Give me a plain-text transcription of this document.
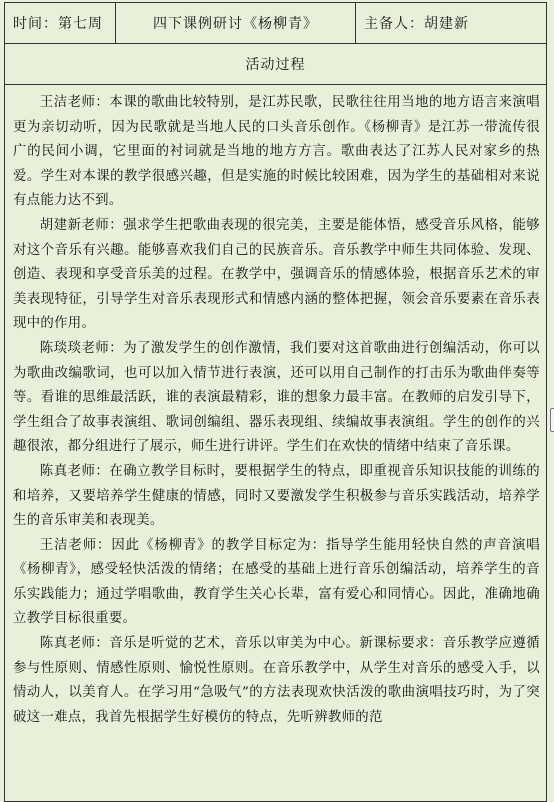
时间：第七周	四下课例研讨《杨柳青》	主备人：胡建新
活动过程

王洁老师：本课的歌曲比较特别，是江苏民歌，民歌往往用当地的地方语言来演唱更为亲切动听，因为民歌就是当地人民的口头音乐创作。《杨柳青》是江苏一带流传很广的民间小调，它里面的衬词就是当地的地方方言。歌曲表达了江苏人民对家乡的热爱。学生对本课的教学很感兴趣，但是实施的时候比较困难，因为学生的基础相对来说有点能力达不到。

胡建新老师：强求学生把歌曲表现的很完美，主要是能体悟，感受音乐风格，能够对这个音乐有兴趣。能够喜欢我们自己的民族音乐。音乐教学中师生共同体验、发现、创造、表现和享受音乐美的过程。在教学中，强调音乐的情感体验，根据音乐艺术的审美表现特征，引导学生对音乐表现形式和情感内涵的整体把握，领会音乐要素在音乐表现中的作用。

陈琰琰老师：为了激发学生的创作激情，我们要对这首歌曲进行创编活动，你可以为歌曲改编歌词，也可以加入情节进行表演，还可以用自己制作的打击乐为歌曲伴奏等等。看谁的思维最活跃，谁的表演最精彩，谁的想象力最丰富。在教师的启发引导下，学生组合了故事表演组、歌词创编组、器乐表现组、续编故事表演组。学生的创作的兴趣很浓，都分组进行了展示，师生进行讲评。学生们在欢快的情绪中结束了音乐课。

陈真老师：在确立教学目标时，要根据学生的特点，即重视音乐知识技能的训练的和培养，又要培养学生健康的情感，同时又要激发学生积极参与音乐实践活动，培养学生的音乐审美和表现美。

王洁老师：因此《杨柳青》的教学目标定为：指导学生能用轻快自然的声音演唱《杨柳青》，感受轻快活泼的情绪；在感受的基础上进行音乐创编活动，培养学生的音乐实践能力；通过学唱歌曲，教育学生关心长辈，富有爱心和同情心。因此，准确地确立教学目标很重要。

陈真老师：音乐是听觉的艺术，音乐以审美为中心。新课标要求：音乐教学应遵循参与性原则、情感性原则、愉悦性原则。在音乐教学中，从学生对音乐的感受入手，以情动人，以美育人。在学习用“急吸气”的方法表现欢快活泼的歌曲演唱技巧时，为了突破这一难点，我首先根据学生好模仿的特点，先听辨教师的范
